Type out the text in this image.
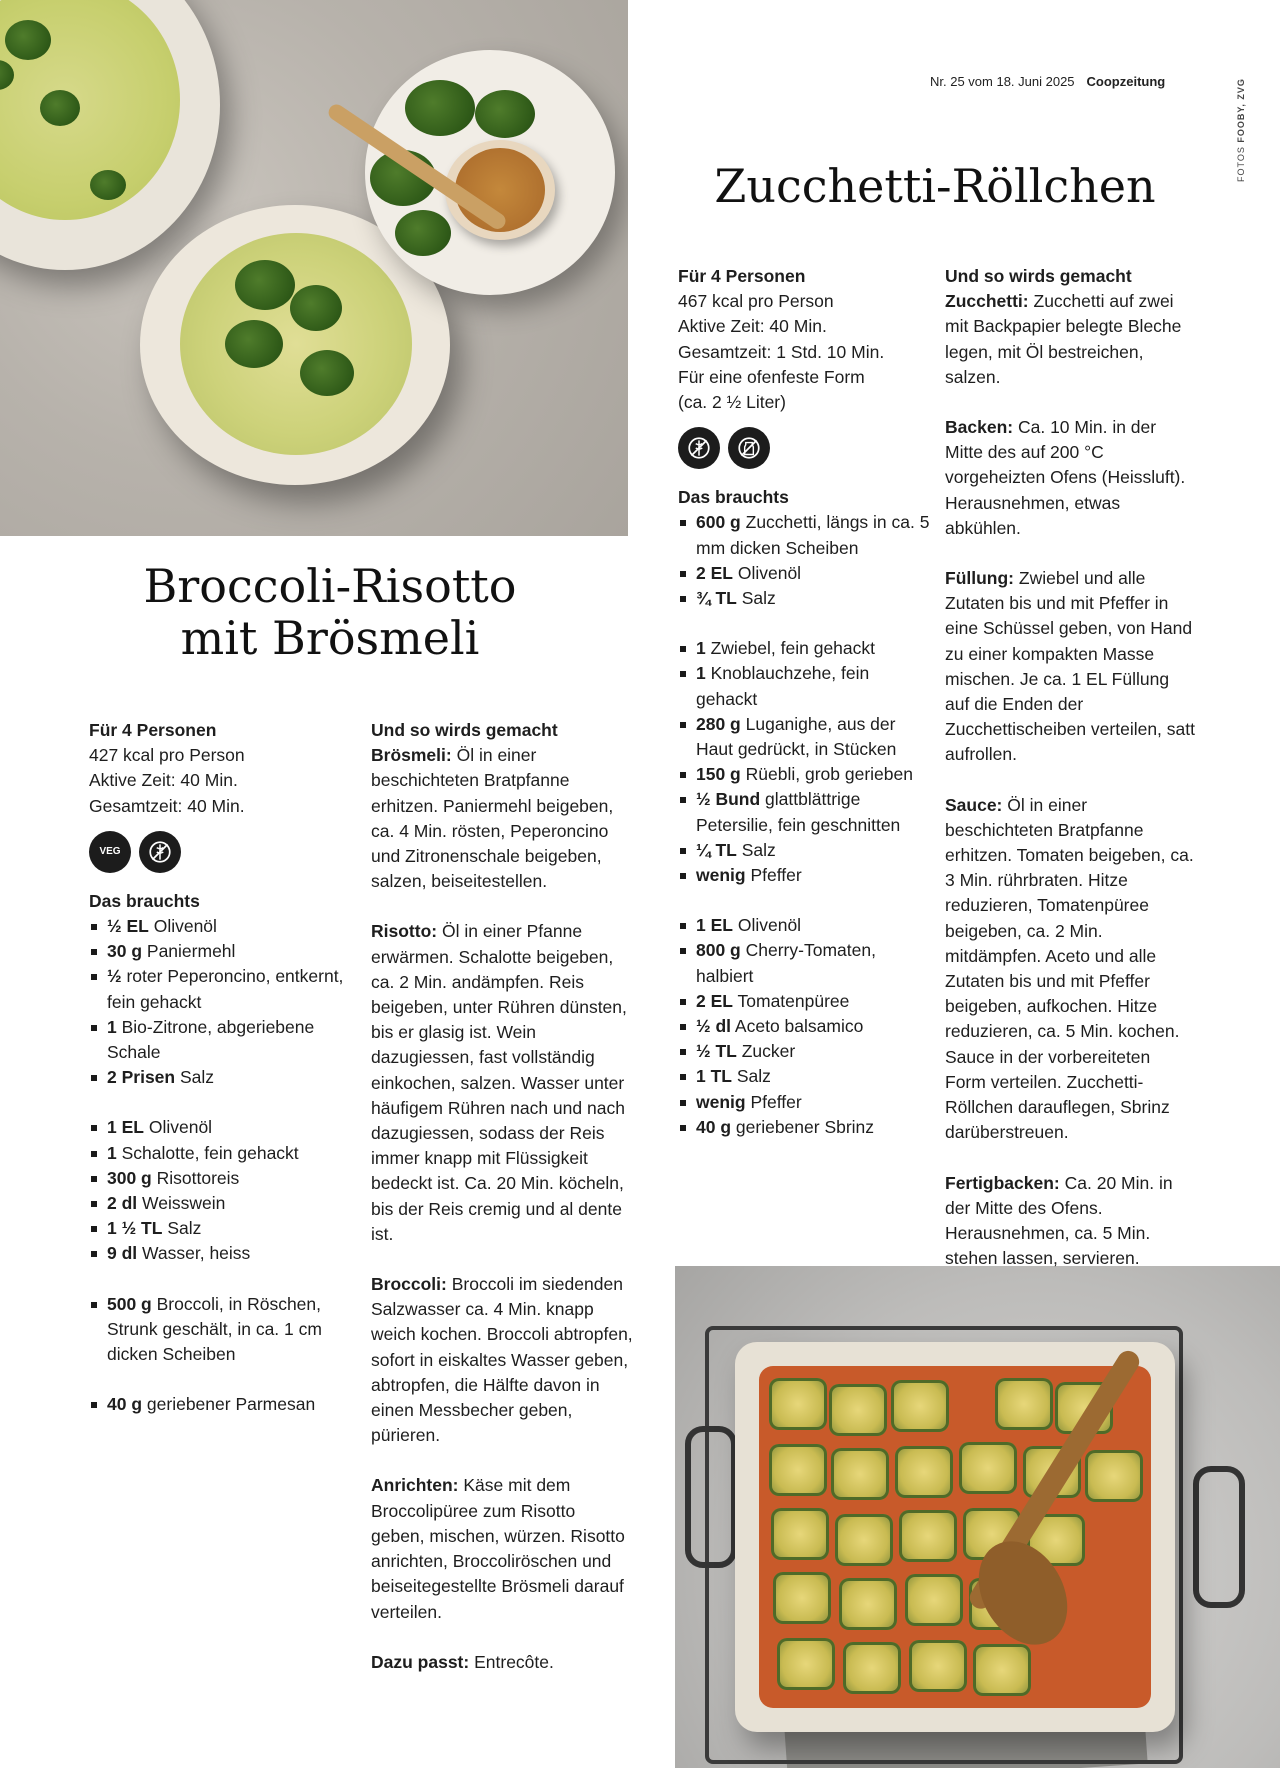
Nr. 25 vom 18. Juni 2025 Coopzeitung
FOTOS FOOBY, ZVG
Broccoli-Risotto
mit Brösmeli
Zucchetti-Röllchen

Für 4 Personen

427 kcal pro Person

Aktive Zeit: 40 Min.

Gesamtzeit: 40 Min.

VEG

Das brauchts

½ EL Olivenöl
30 g Paniermehl
½ roter Peperoncino, entkernt, fein gehackt
1 Bio-Zitrone, abgeriebene Schale
2 Prisen Salz
1 EL Olivenöl
1 Schalotte, fein gehackt
300 g Risottoreis
2 dl Weisswein
1 ½ TL Salz
9 dl Wasser, heiss
500 g Broccoli, in Röschen, Strunk geschält, in ca. 1 cm dicken Scheiben
40 g geriebener Parmesan

Und so wirds gemacht

Brösmeli: Öl in einer beschichteten Bratpfanne erhitzen. Paniermehl beigeben, ca. 4 Min. rösten, Peperoncino und Zitronenschale beigeben, salzen, beiseitestellen.

Risotto: Öl in einer Pfanne erwärmen. Schalotte beigeben, ca. 2 Min. andämpfen. Reis beigeben, unter Rühren dünsten, bis er glasig ist. Wein dazugiessen, fast vollständig einkochen, salzen. Wasser unter häufigem Rühren nach und nach dazugiessen, sodass der Reis immer knapp mit Flüssigkeit bedeckt ist. Ca. 20 Min. köcheln, bis der Reis cremig und al dente ist.

Broccoli: Broccoli im siedenden Salzwasser ca. 4 Min. knapp weich kochen. Broccoli abtropfen, sofort in eiskaltes Wasser geben, abtropfen, die Hälfte davon in einen Messbecher geben, pürieren.

Anrichten: Käse mit dem Broccolipüree zum Risotto geben, mischen, würzen. Risotto anrichten, Broccoliröschen und beiseitegestellte Brösmeli darauf verteilen.

Dazu passt: Entrecôte.

Für 4 Personen

467 kcal pro Person

Aktive Zeit: 40 Min.

Gesamtzeit: 1 Std. 10 Min.

Für eine ofenfeste Form

(ca. 2 ½ Liter)

Das brauchts

600 g Zucchetti, längs in ca. 5 mm dicken Scheiben
2 EL Olivenöl
¾ TL Salz
1 Zwiebel, fein gehackt
1 Knoblauchzehe, fein gehackt
280 g Luganighe, aus der Haut gedrückt, in Stücken
150 g Rüebli, grob gerieben
½ Bund glattblättrige Petersilie, fein geschnitten
¼ TL Salz
wenig Pfeffer
1 EL Olivenöl
800 g Cherry-Tomaten, halbiert
2 EL Tomatenpüree
½ dl Aceto balsamico
½ TL Zucker
1 TL Salz
wenig Pfeffer
40 g geriebener Sbrinz

Und so wirds gemacht

Zucchetti: Zucchetti auf zwei mit Backpapier belegte Bleche legen, mit Öl bestreichen, salzen.

Backen: Ca. 10 Min. in der Mitte des auf 200 °C vorgeheizten Ofens (Heissluft). Herausnehmen, etwas abkühlen.

Füllung: Zwiebel und alle Zutaten bis und mit Pfeffer in eine Schüssel geben, von Hand zu einer kompakten Masse mischen. Je ca. 1 EL Füllung auf die Enden der Zucchettischeiben verteilen, satt aufrollen.

Sauce: Öl in einer beschichteten Bratpfanne erhitzen. Tomaten beigeben, ca. 3 Min. rührbraten. Hitze reduzieren, Tomatenpüree beigeben, ca. 2 Min. mitdämpfen. Aceto und alle Zutaten bis und mit Pfeffer beigeben, aufkochen. Hitze reduzieren, ca. 5 Min. kochen. Sauce in der vorbereiteten Form verteilen. Zucchetti-Röllchen darauflegen, Sbrinz darüberstreuen.

Fertigbacken: Ca. 20 Min. in der Mitte des Ofens. Herausnehmen, ca. 5 Min. stehen lassen, servieren.
